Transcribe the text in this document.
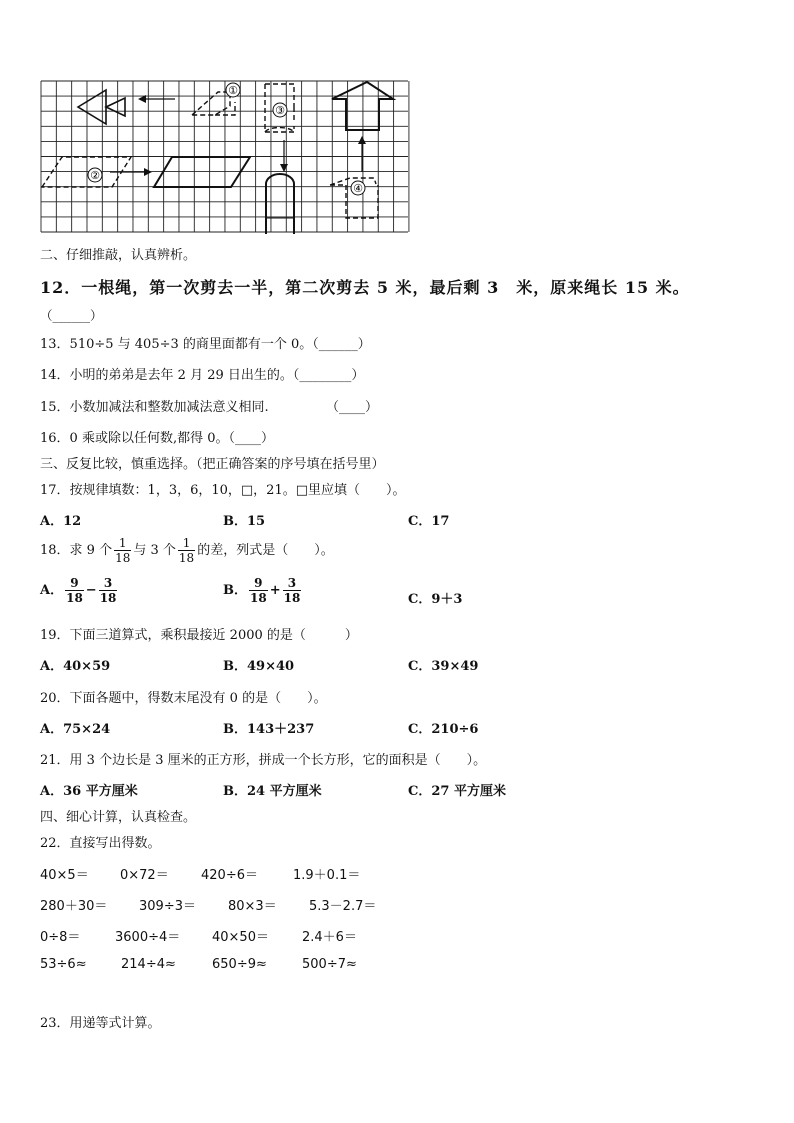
①
③
④
②
二、仔细推敲，认真辨析。
12．一根绳，第一次剪去一半，第二次剪去 5 米，最后剩 3　米，原来绳长 15 米。
（______）
13．510÷5 与 405÷3 的商里面都有一个 0。（______）
14．小明的弟弟是去年 2 月 29 日出生的。（________）
15．小数加减法和整数加减法意义相同.	（____）
16．0 乘或除以任何数,都得 0。（____）
三、反复比较，慎重选择。（把正确答案的序号填在括号里）
17．按规律填数：1，3，6，10，□，21。□里应填（　　）。
A．12	B．15	C．17
18．求 9 个 $\frac{1}{18}$ 与 3 个 $\frac{1}{18}$ 的差，列式是（　　）。
A． $\frac{9}{18} - \frac{3}{18}$	B． $\frac{9}{18} + \frac{3}{18}$	C．9＋3
19．下面三道算式，乘积最接近 2000 的是（　　　）
A．40×59	B．49×40	C．39×49
20．下面各题中，得数末尾没有 0 的是（　　）。
A．75×24	B．143＋237	C．210÷6
21．用 3 个边长是 3 厘米的正方形，拼成一个长方形，它的面积是（　　）。
A．36 平方厘米	B．24 平方厘米	C．27 平方厘米
四、细心计算，认真检查。
22．直接写出得数。
40×5＝ 0×72＝ 420÷6＝	1.9＋0.1＝
280＋30＝ 309÷3＝ 80×3＝ 5.3－2.7＝
0÷8＝	3600÷4＝ 40×50＝	2.4＋6＝
53÷6≈	214÷4≈	650÷9≈	500÷7≈
23．用递等式计算。
